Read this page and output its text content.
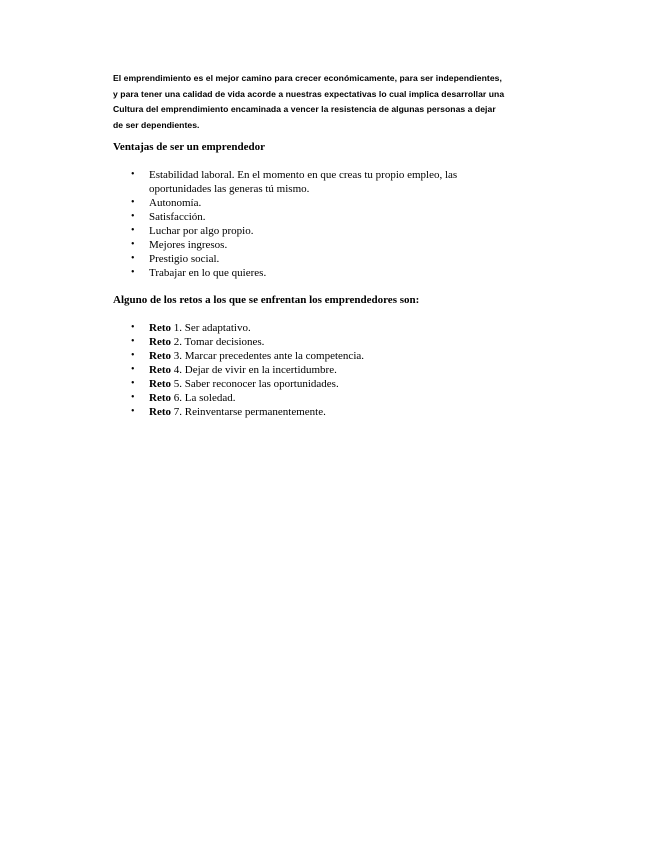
El emprendimiento es el mejor camino para crecer económicamente, para ser independientes,
y para tener una calidad de vida acorde a nuestras expectativas lo cual implica desarrollar una
Cultura del emprendimiento encaminada a vencer la resistencia de algunas personas a dejar
de ser dependientes.
Ventajas de ser un emprendedor
• Estabilidad laboral. En el momento en que creas tu propio empleo, las
oportunidades las generas tú mismo.
• Autonomía.
• Satisfacción.
• Luchar por algo propio.
• Mejores ingresos.
• Prestigio social.
• Trabajar en lo que quieres.
Alguno de los retos a los que se enfrentan los emprendedores son:
• Reto 1. Ser adaptativo.
• Reto 2. Tomar decisiones.
• Reto 3. Marcar precedentes ante la competencia.
• Reto 4. Dejar de vivir en la incertidumbre.
• Reto 5. Saber reconocer las oportunidades.
• Reto 6. La soledad.
• Reto 7. Reinventarse permanentemente.
